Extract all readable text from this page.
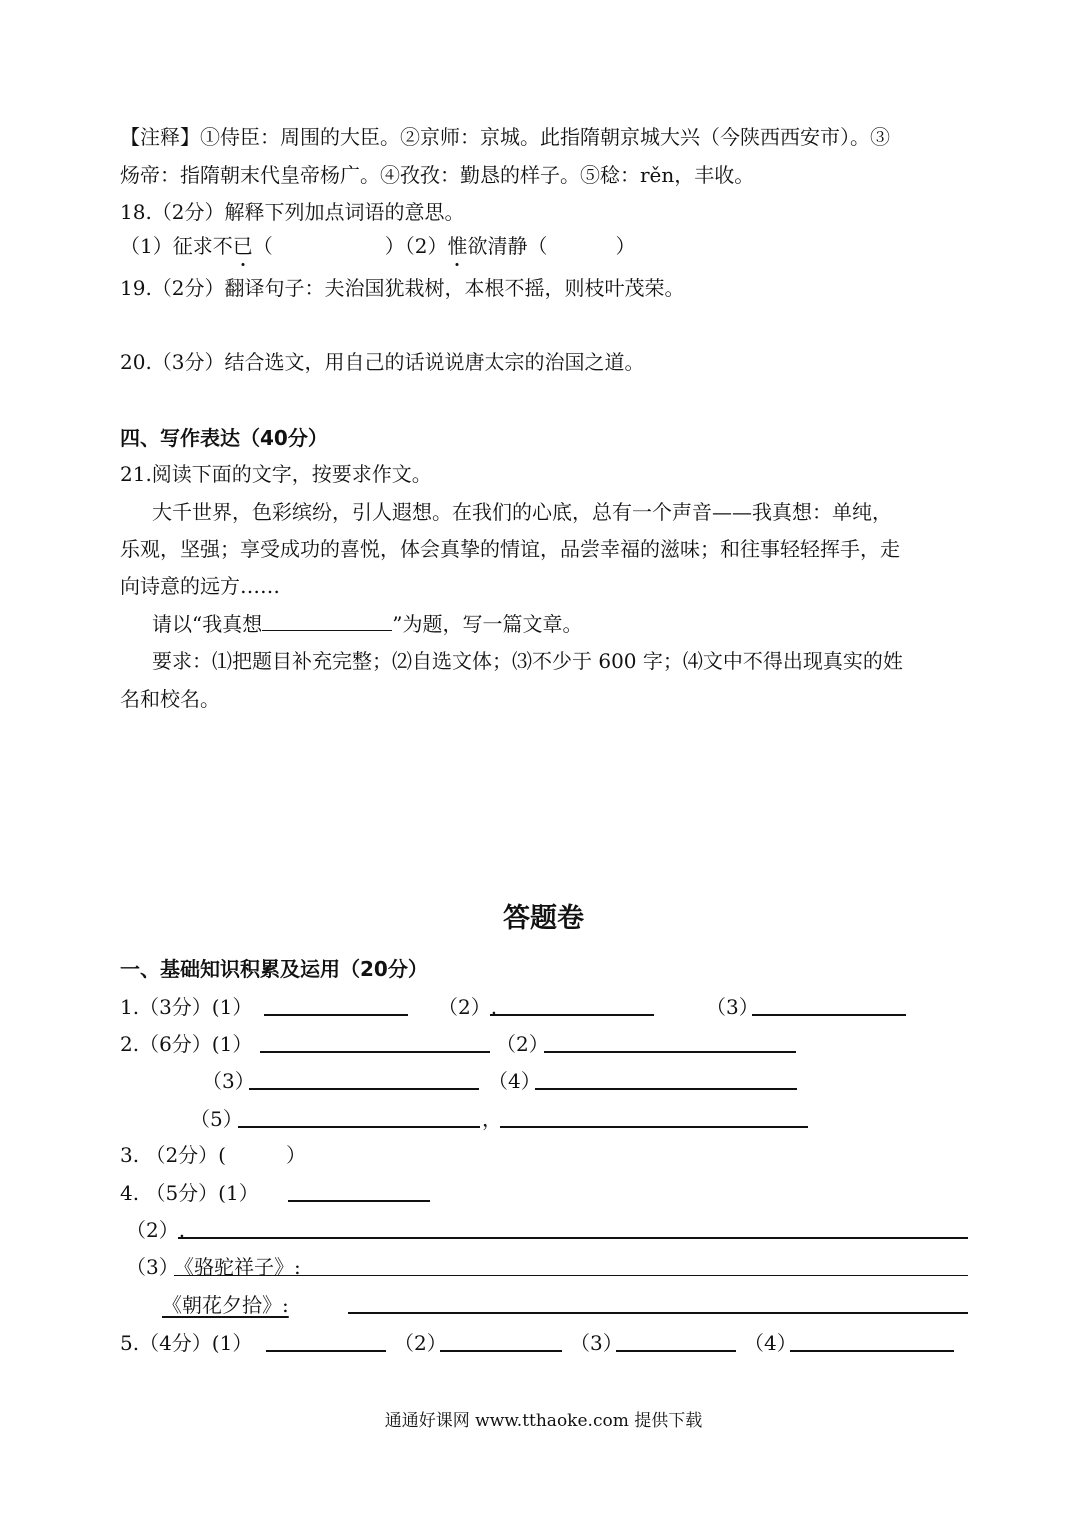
【注释】①侍臣：周围的大臣。②京师：京城。此指隋朝京城大兴（今陕西西安市）。③
炀帝：指隋朝末代皇帝杨广。④孜孜：勤恳的样子。⑤稔：rěn，丰收。
18.（2分）解释下列加点词语的意思。
（1）征求不已（	）（2）惟欲清静（	）
19.（2分）翻译句子：夫治国犹栽树，本根不摇，则枝叶茂荣。
20.（3分）结合选文，用自己的话说说唐太宗的治国之道。
四、写作表达（40分）
21.阅读下面的文字，按要求作文。
大千世界，色彩缤纷，引人遐想。在我们的心底，总有一个声音——我真想：单纯，
乐观，坚强；享受成功的喜悦，体会真挚的情谊，品尝幸福的滋味；和往事轻轻挥手，走
向诗意的远方……
请以“我真想	”为题，写一篇文章。
要求：⑴把题目补充完整；⑵自选文体；⑶不少于 600 字；⑷文中不得出现真实的姓
名和校名。
答题卷
一、基础知识积累及运用（20分）
1.（3分）(1）	（2）.	（3）
2.（6分）(1）	（2）
（3）	（4）
（5）	，
3. （2分）(	）
4. （5分）(1）
（2）.
（3）
《骆驼祥子》:
《朝花夕拾》:
5.（4分）(1）	（2）	（3）	（4）
通通好课网 www.tthaoke.com 提供下载
